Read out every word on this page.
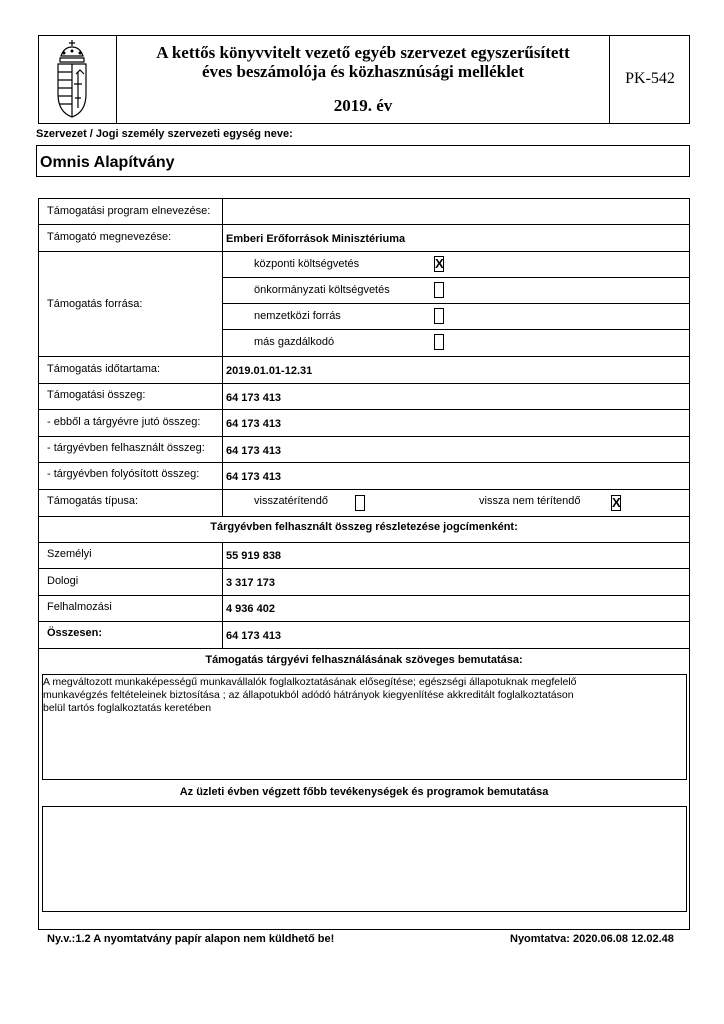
A kettős könyvvitelt vezető egyéb szervezet egyszerűsített
éves beszámolója és közhasznúsági melléklet
2019. év
PK-542
Szervezet / Jogi személy szervezeti egység neve:
Omnis Alapítvány
Támogatási program elnevezése:
Támogató megnevezése:	Emberi Erőforrások Minisztériuma
Támogatás forrása:
központi költségvetés	X
önkormányzati költségvetés
nemzetközi forrás
más gazdálkodó
Támogatás időtartama:	2019.01.01-12.31
Támogatási összeg:	64 173 413
- ebből a tárgyévre jutó összeg: 64 173 413
- tárgyévben felhasznált összeg: 64 173 413
- tárgyévben folyósított összeg: 64 173 413
Támogatás típusa:	visszatérítendő	vissza nem térítendő X
Tárgyévben felhasznált összeg részletezése jogcímenként:
Személyi	55 919 838
Dologi	3 317 173
Felhalmozási	4 936 402
Összesen:	64 173 413
Támogatás tárgyévi felhasználásának szöveges bemutatása:
A megváltozott munkaképességű munkavállalók foglalkoztatásának elősegítése; egészségi állapotuknak megfelelő
munkavégzés feltételeinek biztosítása ; az állapotukból adódó hátrányok kiegyenlítése akkreditált foglalkoztatáson
belül tartós foglalkoztatás keretében
Az üzleti évben végzett főbb tevékenységek és programok bemutatása
Ny.v.:1.2 A nyomtatvány papír alapon nem küldhető be!	Nyomtatva: 2020.06.08 12.02.48
